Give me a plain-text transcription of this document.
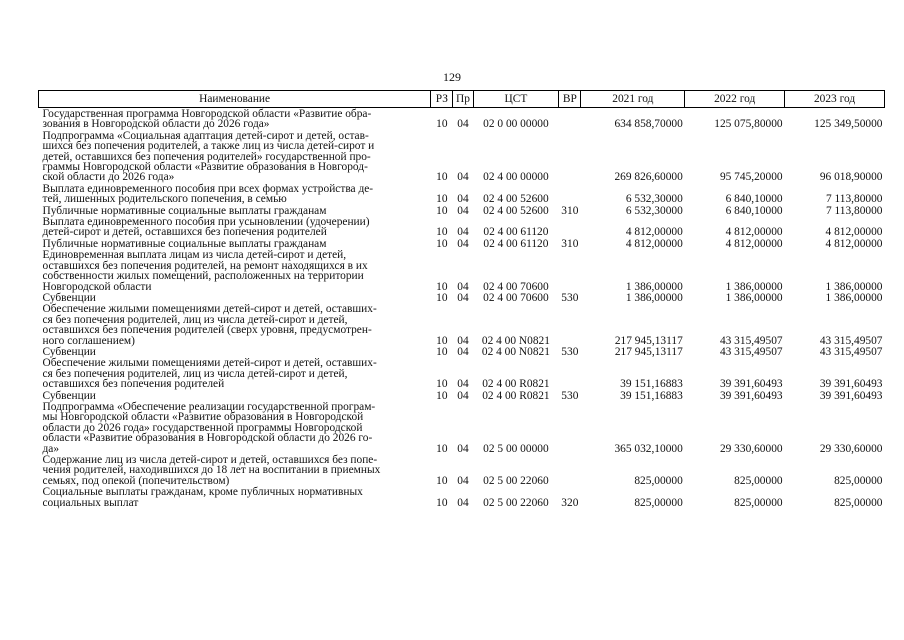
129
Наименование	РЗ	Пр	ЦСТ	ВР	2021 год	2022 год	2023 год
Государственная программа Новгородской области «Развитие обра-
зования в Новгородской области до 2026 года»	10	04	02 0 00 00000		634 858,70000	125 075,80000	125 349,50000
Подпрограмма «Социальная адаптация детей-сирот и детей, остав-
шихся без попечения родителей, а также лиц из числа детей-сирот и
детей, оставшихся без попечения родителей» государственной про-
граммы Новгородской области «Развитие образования в Новгород-
ской области до 2026 года»	10	04	02 4 00 00000		269 826,60000	95 745,20000	96 018,90000
Выплата единовременного пособия при всех формах устройства де-
тей, лишенных родительского попечения, в семью	10	04	02 4 00 52600		6 532,30000	6 840,10000	7 113,80000
Публичные нормативные социальные выплаты гражданам	10	04	02 4 00 52600	310	6 532,30000	6 840,10000	7 113,80000
Выплата единовременного пособия при усыновлении (удочерении)
детей-сирот и детей, оставшихся без попечения родителей	10	04	02 4 00 61120		4 812,00000	4 812,00000	4 812,00000
Публичные нормативные социальные выплаты гражданам	10	04	02 4 00 61120	310	4 812,00000	4 812,00000	4 812,00000
Единовременная выплата лицам из числа детей-сирот и детей,
оставшихся без попечения родителей, на ремонт находящихся в их
собственности жилых помещений, расположенных на территории
Новгородской области	10	04	02 4 00 70600		1 386,00000	1 386,00000	1 386,00000
Субвенции	10	04	02 4 00 70600	530	1 386,00000	1 386,00000	1 386,00000
Обеспечение жилыми помещениями детей-сирот и детей, оставших-
ся без попечения родителей, лиц из числа детей-сирот и детей,
оставшихся без попечения родителей (сверх уровня, предусмотрен-
ного соглашением)	10	04	02 4 00 N0821		217 945,13117	43 315,49507	43 315,49507
Субвенции	10	04	02 4 00 N0821	530	217 945,13117	43 315,49507	43 315,49507
Обеспечение жилыми помещениями детей-сирот и детей, оставших-
ся без попечения родителей, лиц из числа детей-сирот и детей,
оставшихся без попечения родителей	10	04	02 4 00 R0821		39 151,16883	39 391,60493	39 391,60493
Субвенции	10	04	02 4 00 R0821	530	39 151,16883	39 391,60493	39 391,60493
Подпрограмма «Обеспечение реализации государственной програм-
мы Новгородской области «Развитие образования в Новгородской
области до 2026 года» государственной программы Новгородской
области «Развитие образования в Новгородской области до 2026 го-
да»	10	04	02 5 00 00000		365 032,10000	29 330,60000	29 330,60000
Содержание лиц из числа детей-сирот и детей, оставшихся без попе-
чения родителей, находившихся до 18 лет на воспитании в приемных
семьях, под опекой (попечительством)	10	04	02 5 00 22060		825,00000	825,00000	825,00000
Социальные выплаты гражданам, кроме публичных нормативных
социальных выплат	10	04	02 5 00 22060	320	825,00000	825,00000	825,00000
